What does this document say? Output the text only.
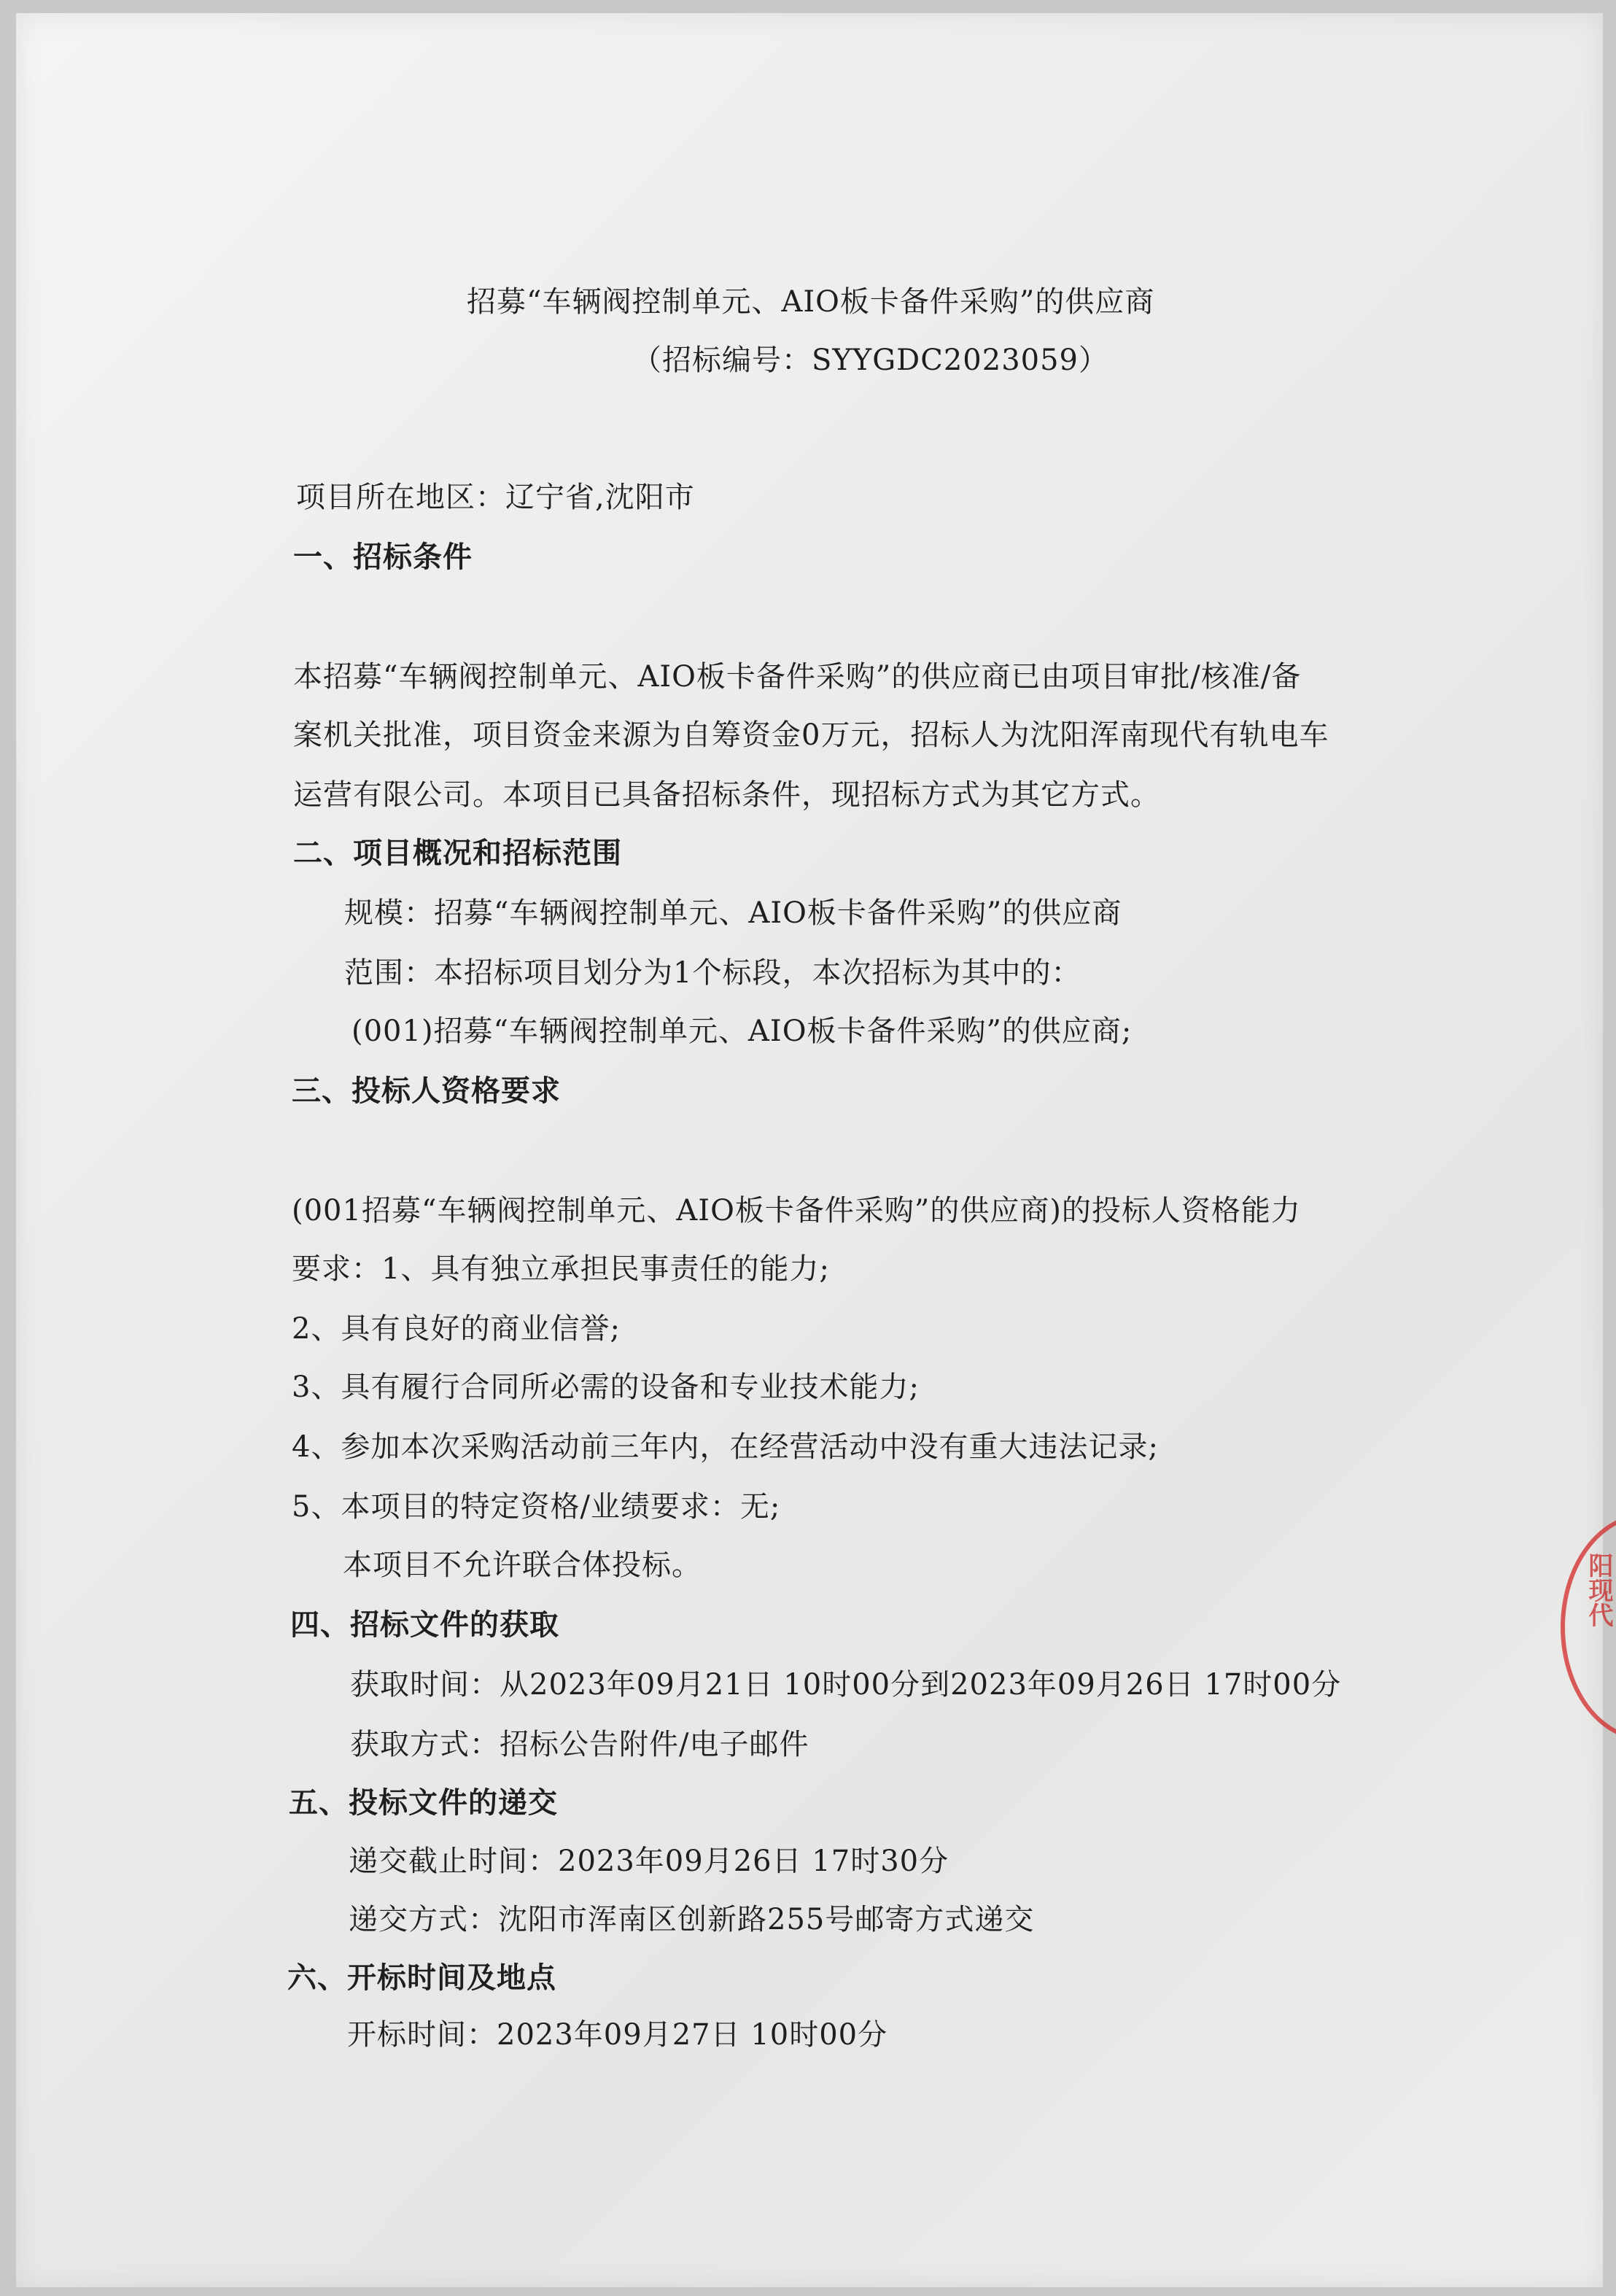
招募“车辆阀控制单元、AIO板卡备件采购”的供应商
（招标编号：SYYGDC2023059）
项目所在地区：辽宁省,沈阳市
一、招标条件
本招募“车辆阀控制单元、AIO板卡备件采购”的供应商已由项目审批/核准/备
案机关批准，项目资金来源为自筹资金0万元，招标人为沈阳浑南现代有轨电车
运营有限公司。本项目已具备招标条件，现招标方式为其它方式。
二、项目概况和招标范围
规模：招募“车辆阀控制单元、AIO板卡备件采购”的供应商
范围：本招标项目划分为1个标段，本次招标为其中的：
(001)招募“车辆阀控制单元、AIO板卡备件采购”的供应商;
三、投标人资格要求
(001招募“车辆阀控制单元、AIO板卡备件采购”的供应商)的投标人资格能力
要求：1、具有独立承担民事责任的能力;
2、具有良好的商业信誉;
3、具有履行合同所必需的设备和专业技术能力;
4、参加本次采购活动前三年内，在经营活动中没有重大违法记录;
5、本项目的特定资格/业绩要求：无;
本项目不允许联合体投标。
四、招标文件的获取
获取时间：从2023年09月21日 10时00分到2023年09月26日 17时00分
获取方式：招标公告附件/电子邮件
五、投标文件的递交
递交截止时间：2023年09月26日 17时30分
递交方式：沈阳市浑南区创新路255号邮寄方式递交
六、开标时间及地点
开标时间：2023年09月27日 10时00分
阳现代
